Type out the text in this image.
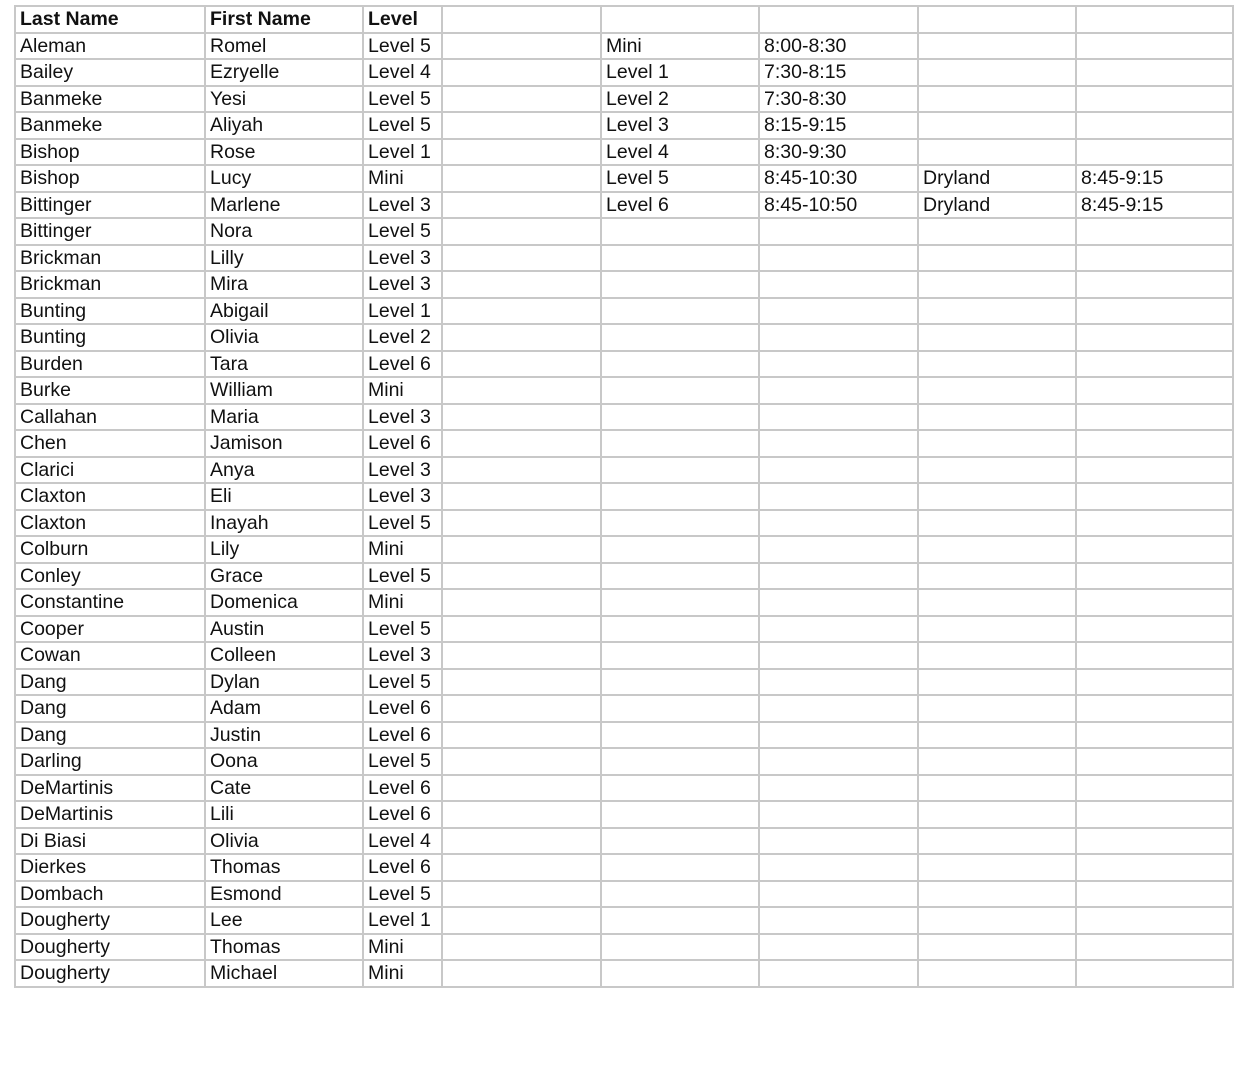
Last Name	First Name	Level					
Aleman	Romel	Level 5		Mini	8:00-8:30		
Bailey	Ezryelle	Level 4		Level 1	7:30-8:15		
Banmeke	Yesi	Level 5		Level 2	7:30-8:30		
Banmeke	Aliyah	Level 5		Level 3	8:15-9:15		
Bishop	Rose	Level 1		Level 4	8:30-9:30		
Bishop	Lucy	Mini		Level 5	8:45-10:30	Dryland	8:45-9:15
Bittinger	Marlene	Level 3		Level 6	8:45-10:50	Dryland	8:45-9:15
Bittinger	Nora	Level 5					
Brickman	Lilly	Level 3					
Brickman	Mira	Level 3					
Bunting	Abigail	Level 1					
Bunting	Olivia	Level 2					
Burden	Tara	Level 6					
Burke	William	Mini					
Callahan	Maria	Level 3					
Chen	Jamison	Level 6					
Clarici	Anya	Level 3					
Claxton	Eli	Level 3					
Claxton	Inayah	Level 5					
Colburn	Lily	Mini					
Conley	Grace	Level 5					
Constantine	Domenica	Mini					
Cooper	Austin	Level 5					
Cowan	Colleen	Level 3					
Dang	Dylan	Level 5					
Dang	Adam	Level 6					
Dang	Justin	Level 6					
Darling	Oona	Level 5					
DeMartinis	Cate	Level 6					
DeMartinis	Lili	Level 6					
Di Biasi	Olivia	Level 4					
Dierkes	Thomas	Level 6					
Dombach	Esmond	Level 5					
Dougherty	Lee	Level 1					
Dougherty	Thomas	Mini					
Dougherty	Michael	Mini					
